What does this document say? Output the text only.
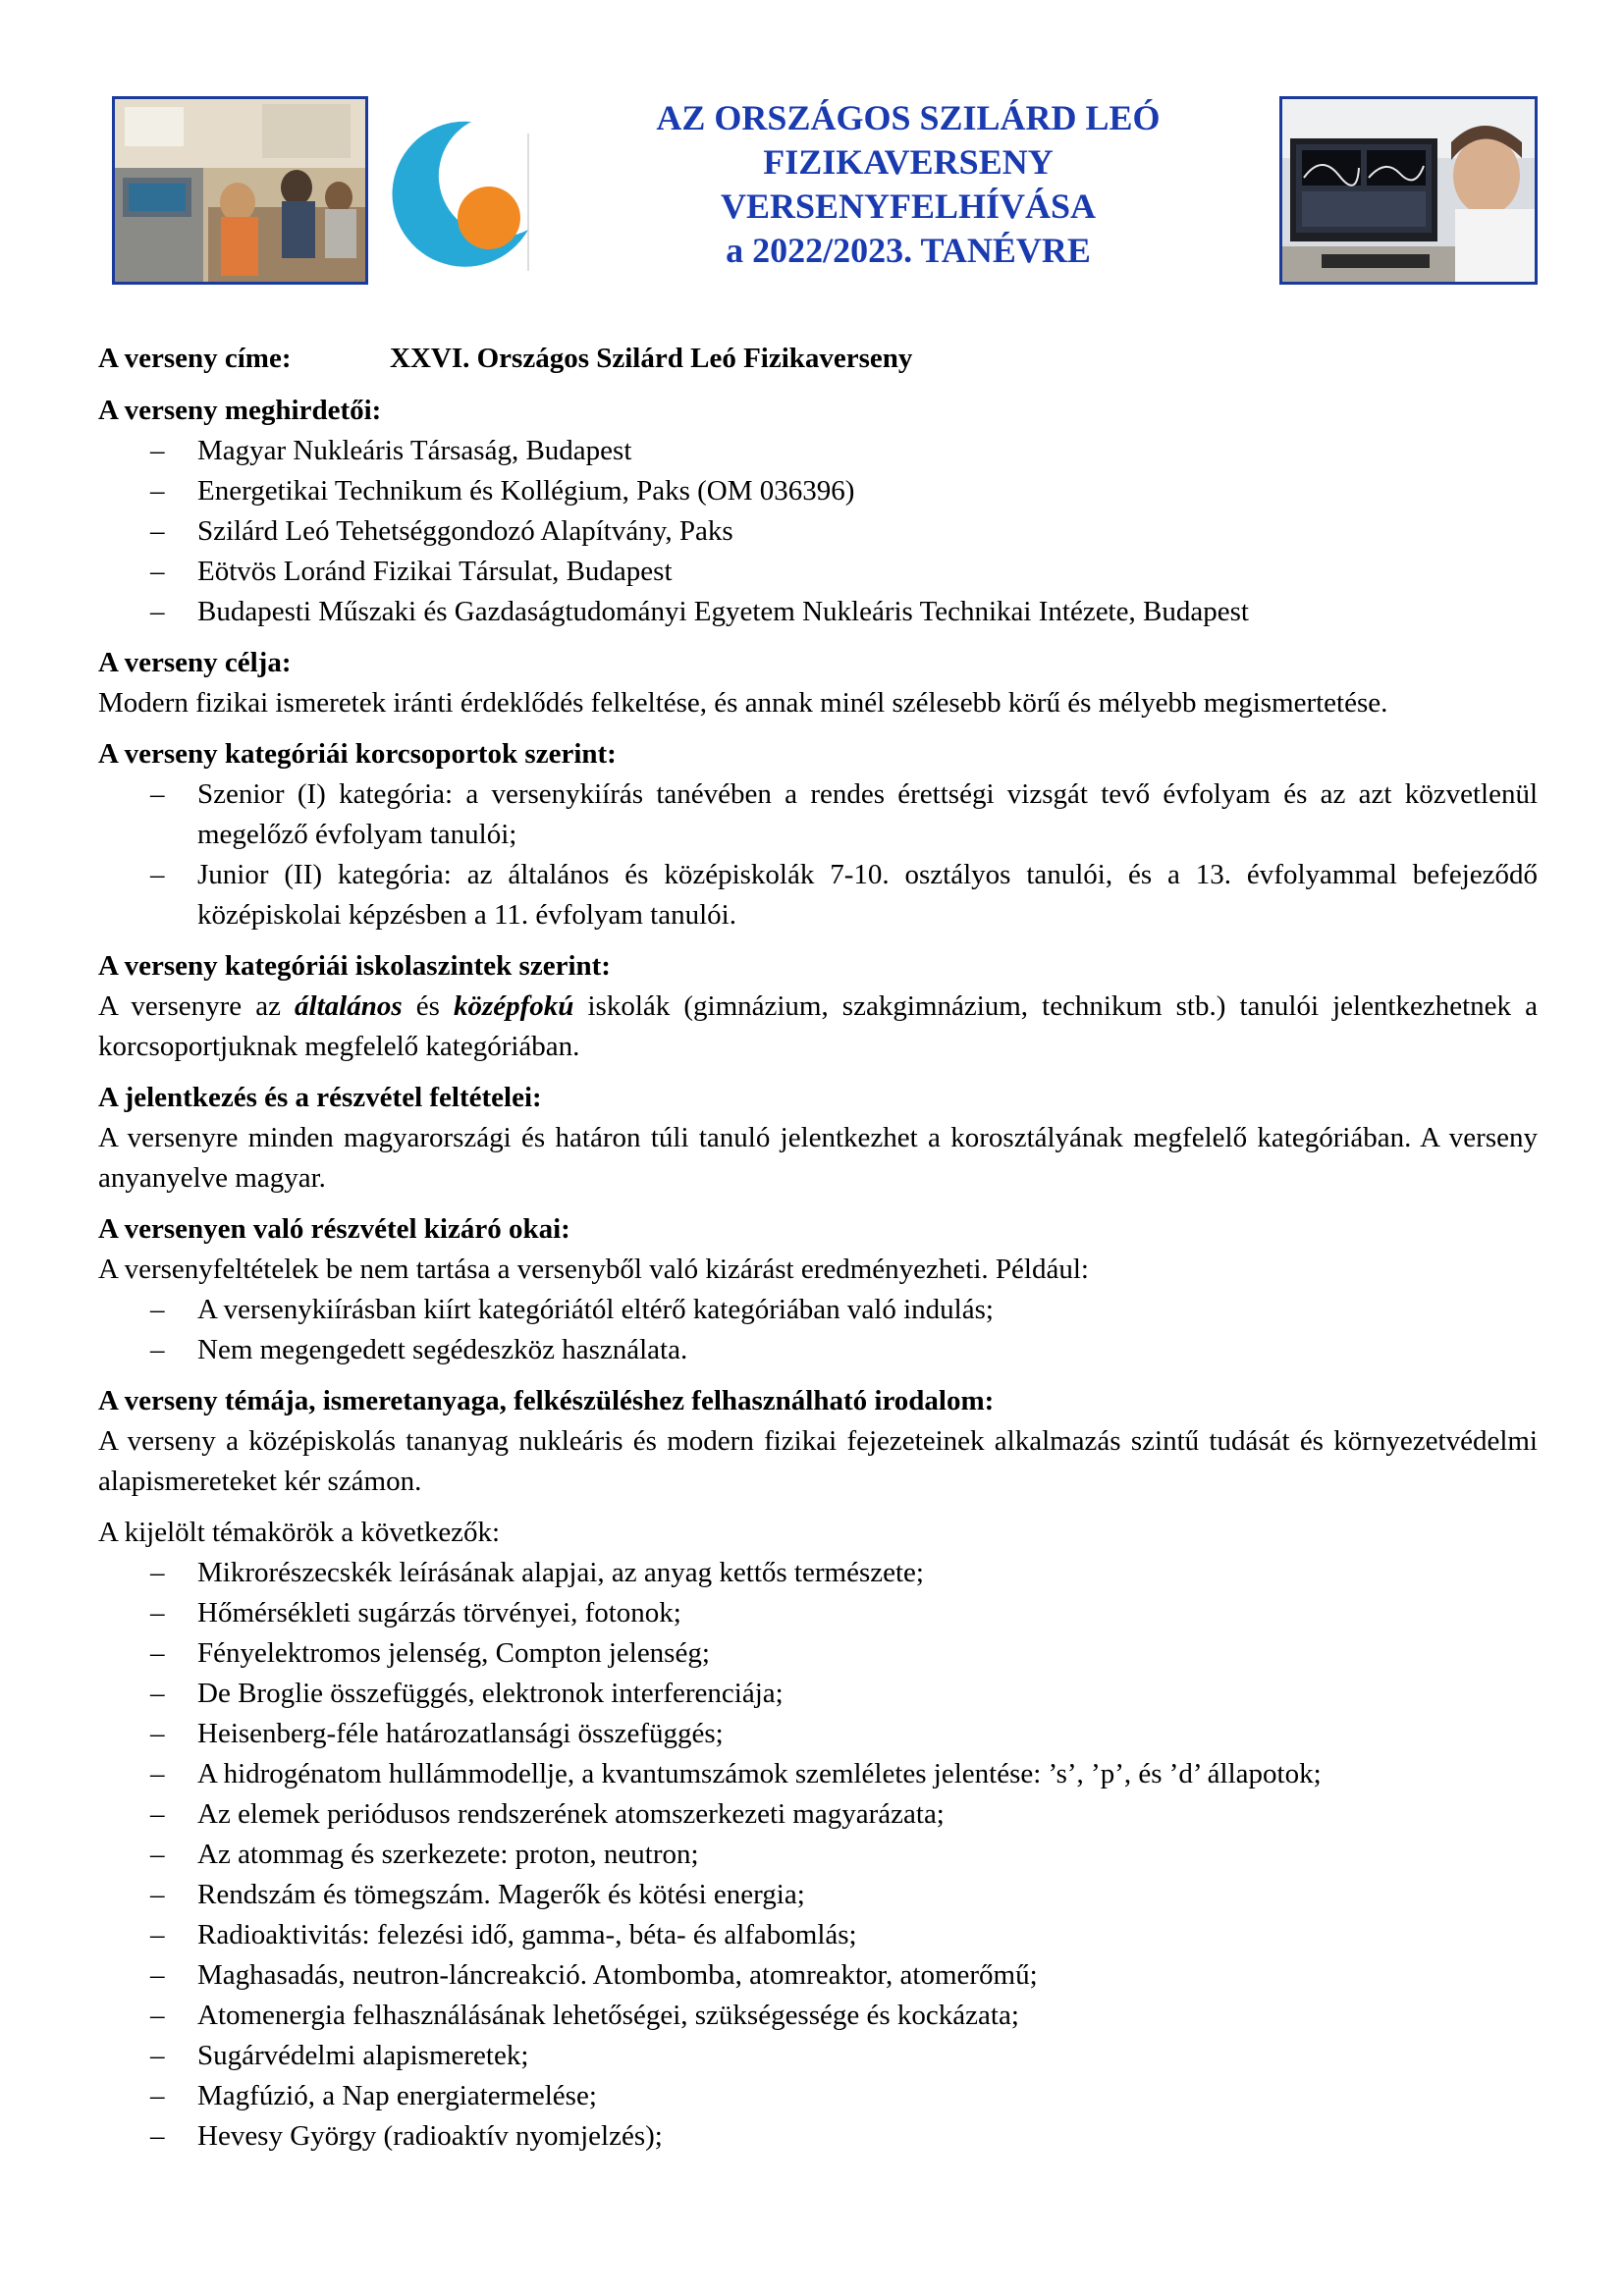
AZ ORSZÁGOS SZILÁRD LEÓ
FIZIKAVERSENY
VERSENYFELHÍVÁSA
a 2022/2023. TANÉVRE
A verseny címe:	XXVI. Országos Szilárd Leó Fizikaverseny
A verseny meghirdetői:
– Magyar Nukleáris Társaság, Budapest
– Energetikai Technikum és Kollégium, Paks (OM 036396)
– Szilárd Leó Tehetséggondozó Alapítvány, Paks
– Eötvös Loránd Fizikai Társulat, Budapest
– Budapesti Műszaki és Gazdaságtudományi Egyetem Nukleáris Technikai Intézete, Budapest
A verseny célja:
Modern fizikai ismeretek iránti érdeklődés felkeltése, és annak minél szélesebb körű és mélyebb megismertetése.
A verseny kategóriái korcsoportok szerint:
– Szenior (I) kategória: a versenykiírás tanévében a rendes érettségi vizsgát tevő évfolyam és az azt közvetlenül megelőző évfolyam tanulói;
– Junior (II) kategória: az általános és középiskolák 7-10. osztályos tanulói, és a 13. évfolyammal befejeződő középiskolai képzésben a 11. évfolyam tanulói.
A verseny kategóriái iskolaszintek szerint:
A versenyre az általános és középfokú iskolák (gimnázium, szakgimnázium, technikum stb.) tanulói jelentkezhetnek a korcsoportjuknak megfelelő kategóriában.
A jelentkezés és a részvétel feltételei:
A versenyre minden magyarországi és határon túli tanuló jelentkezhet a korosztályának megfelelő kategóriában. A verseny anyanyelve magyar.
A versenyen való részvétel kizáró okai:
A versenyfeltételek be nem tartása a versenyből való kizárást eredményezheti. Például:
– A versenykiírásban kiírt kategóriától eltérő kategóriában való indulás;
– Nem megengedett segédeszköz használata.
A verseny témája, ismeretanyaga, felkészüléshez felhasználható irodalom:
A verseny a középiskolás tananyag nukleáris és modern fizikai fejezeteinek alkalmazás szintű tudását és környezetvédelmi alapismereteket kér számon.
A kijelölt témakörök a következők:
– Mikrorészecskék leírásának alapjai, az anyag kettős természete;
– Hőmérsékleti sugárzás törvényei, fotonok;
– Fényelektromos jelenség, Compton jelenség;
– De Broglie összefüggés, elektronok interferenciája;
– Heisenberg-féle határozatlansági összefüggés;
– A hidrogénatom hullámmodellje, a kvantumszámok szemléletes jelentése: ’s’, ’p’, és ’d’ állapotok;
– Az elemek periódusos rendszerének atomszerkezeti magyarázata;
– Az atommag és szerkezete: proton, neutron;
– Rendszám és tömegszám. Magerők és kötési energia;
– Radioaktivitás: felezési idő, gamma-, béta- és alfabomlás;
– Maghasadás, neutron-láncreakció. Atombomba, atomreaktor, atomerőmű;
– Atomenergia felhasználásának lehetőségei, szükségessége és kockázata;
– Sugárvédelmi alapismeretek;
– Magfúzió, a Nap energiatermelése;
– Hevesy György (radioaktív nyomjelzés);
